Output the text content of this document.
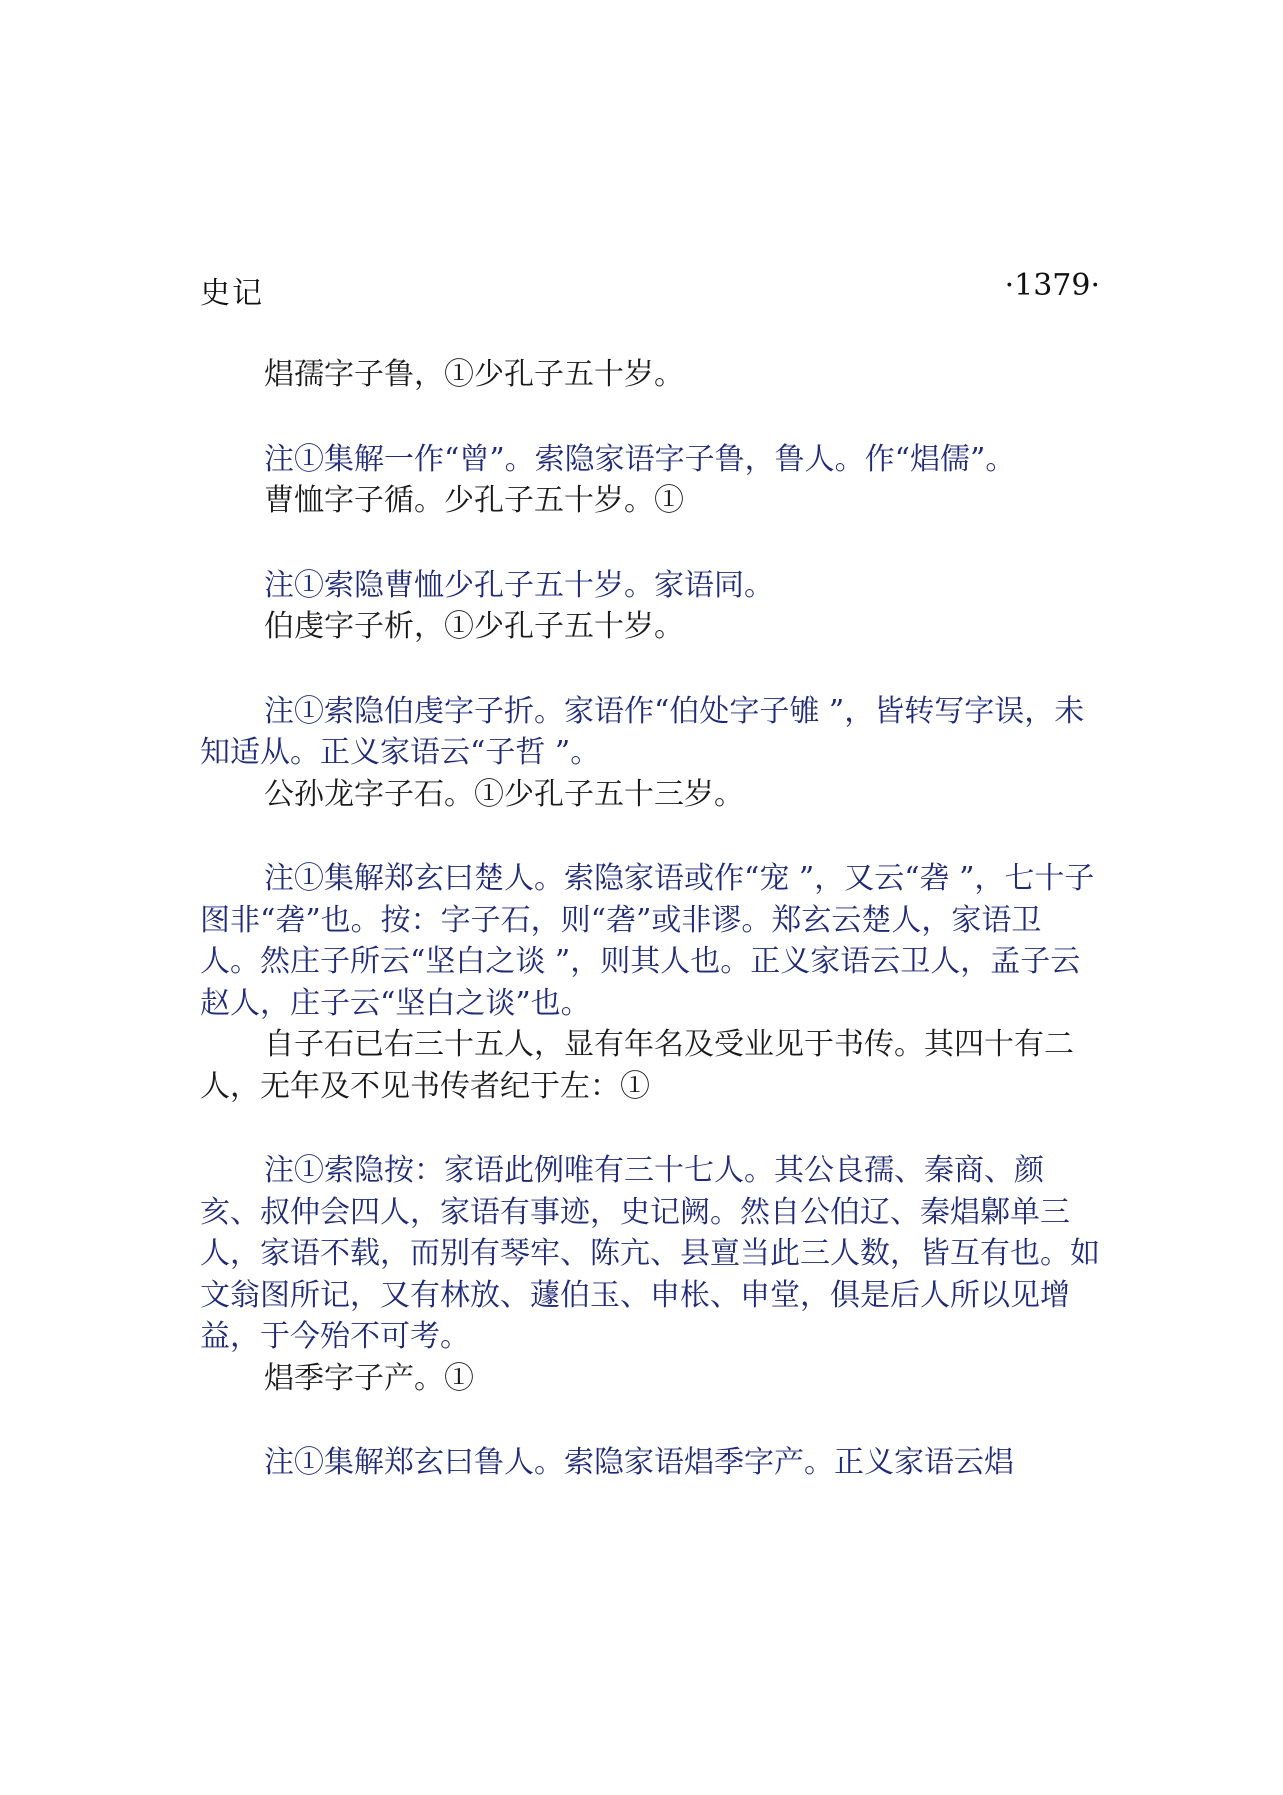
史记	·1379·

焻孺字子鲁，①少孔子五十岁。

注①集解一作“曾”。索隐家语字子鲁，鲁人。作“焻儒”。

曹恤字子循。少孔子五十岁。①

注①索隐曹恤少孔子五十岁。家语同。

伯虔字子析，①少孔子五十岁。

注①索隐伯虔字子折。家语作“伯处字子雊 ”，皆转写字误，未知适从。正义家语云“子哲 ”。

公孙龙字子石。①少孔子五十三岁。

注①集解郑玄曰楚人。索隐家语或作“宠 ”，又云“砻 ”，七十子图非“砻”也。按：字子石，则“砻”或非谬。郑玄云楚人，家语卫人。然庄子所云“坚白之谈 ”，则其人也。正义家语云卫人，孟子云赵人，庄子云“坚白之谈”也。

自子石已右三十五人，显有年名及受业见于书传。其四十有二人，无年及不见书传者纪于左：①

注①索隐按：家语此例唯有三十七人。其公良孺、秦商、颜亥、叔仲会四人，家语有事迹，史记阙。然自公伯辽、秦焻鄡单三人，家语不载，而别有琴牢、陈亢、县亶当此三人数，皆互有也。如文翁图所记，又有林放、蘧伯玉、申枨、申堂，俱是后人所以见增益，于今殆不可考。

焻季字子产。①

注①集解郑玄曰鲁人。索隐家语焻季字产。正义家语云焻
